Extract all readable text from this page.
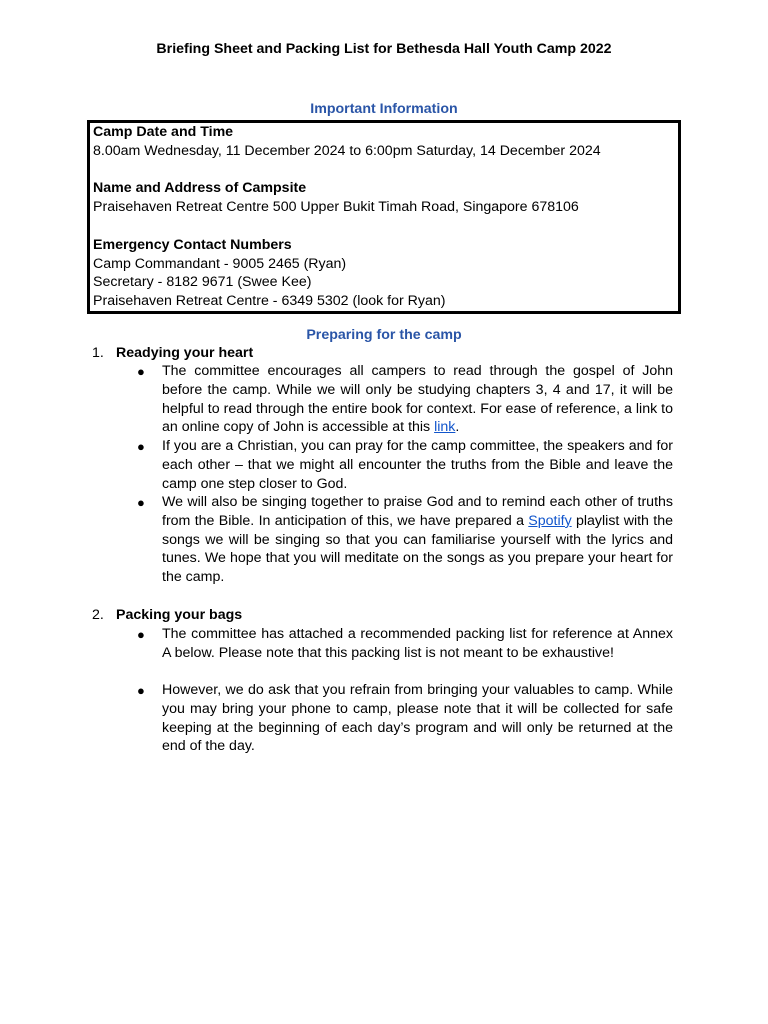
Briefing Sheet and Packing List for Bethesda Hall Youth Camp 2022
Important Information
Camp Date and Time
8.00am Wednesday, 11 December 2024 to 6:00pm Saturday, 14 December 2024
Name and Address of Campsite
Praisehaven Retreat Centre 500 Upper Bukit Timah Road, Singapore 678106
Emergency Contact Numbers
Camp Commandant - 9005 2465 (Ryan)
Secretary - 8182 9671 (Swee Kee)
Praisehaven Retreat Centre - 6349 5302 (look for Ryan)
Preparing for the camp
1. Readying your heart
● The committee encourages all campers to read through the gospel of John before the camp. While we will only be studying chapters 3, 4 and 17, it will be helpful to read through the entire book for context. For ease of reference, a link to an online copy of John is accessible at this link.
● If you are a Christian, you can pray for the camp committee, the speakers and for each other – that we might all encounter the truths from the Bible and leave the camp one step closer to God.
● We will also be singing together to praise God and to remind each other of truths from the Bible. In anticipation of this, we have prepared a Spotify playlist with the songs we will be singing so that you can familiarise yourself with the lyrics and tunes. We hope that you will meditate on the songs as you prepare your heart for the camp.
2. Packing your bags
● The committee has attached a recommended packing list for reference at Annex A below. Please note that this packing list is not meant to be exhaustive!
● However, we do ask that you refrain from bringing your valuables to camp. While you may bring your phone to camp, please note that it will be collected for safe keeping at the beginning of each day’s program and will only be returned at the end of the day.
